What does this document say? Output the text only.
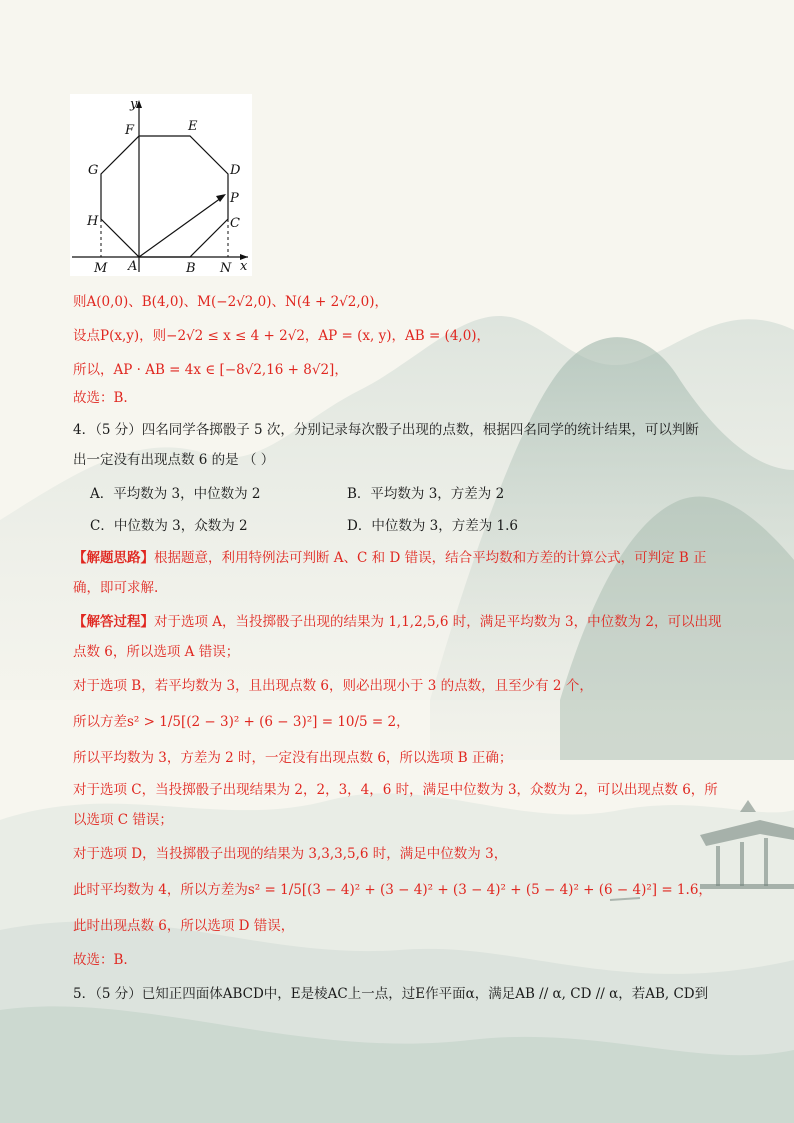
y
x
F	E
G	D
P
H	C
M A	B N
则A(0,0)、B(4,0)、M(−2√2,0)、N(4 + 2√2,0)，
设点P(x,y)，则−2√2 ≤ x ≤ 4 + 2√2，AP = (x, y)，AB = (4,0)，
所以，AP · AB = 4x ∈ [−8√2,16 + 8√2]，
故选：B.
4．（5 分）四名同学各掷骰子 5 次，分别记录每次骰子出现的点数，根据四名同学的统计结果，可以判断
出一定没有出现点数 6 的是 （ ）
A．平均数为 3，中位数为 2	B．平均数为 3，方差为 2
C．中位数为 3，众数为 2	D．中位数为 3，方差为 1.6
【解题思路】根据题意，利用特例法可判断 A、C 和 D 错误，结合平均数和方差的计算公式，可判定 B 正
确，即可求解.
【解答过程】对于选项 A，当投掷骰子出现的结果为 1,1,2,5,6 时，满足平均数为 3，中位数为 2，可以出现
点数 6，所以选项 A 错误；
对于选项 B，若平均数为 3，且出现点数 6，则必出现小于 3 的点数，且至少有 2 个，
所以方差s² > 1/5[(2 − 3)² + (6 − 3)²] = 10/5 = 2，
所以平均数为 3，方差为 2 时，一定没有出现点数 6，所以选项 B 正确；
对于选项 C，当投掷骰子出现结果为 2，2，3，4，6 时，满足中位数为 3，众数为 2，可以出现点数 6，所
以选项 C 错误；
对于选项 D，当投掷骰子出现的结果为 3,3,3,5,6 时，满足中位数为 3，
此时平均数为 4，所以方差为s² = 1/5[(3 − 4)² + (3 − 4)² + (3 − 4)² + (5 − 4)² + (6 − 4)²] = 1.6，
此时出现点数 6，所以选项 D 错误，
故选：B.
5．（5 分）已知正四面体ABCD中，E是棱AC上一点，过E作平面α，满足AB // α, CD // α，若AB, CD到
